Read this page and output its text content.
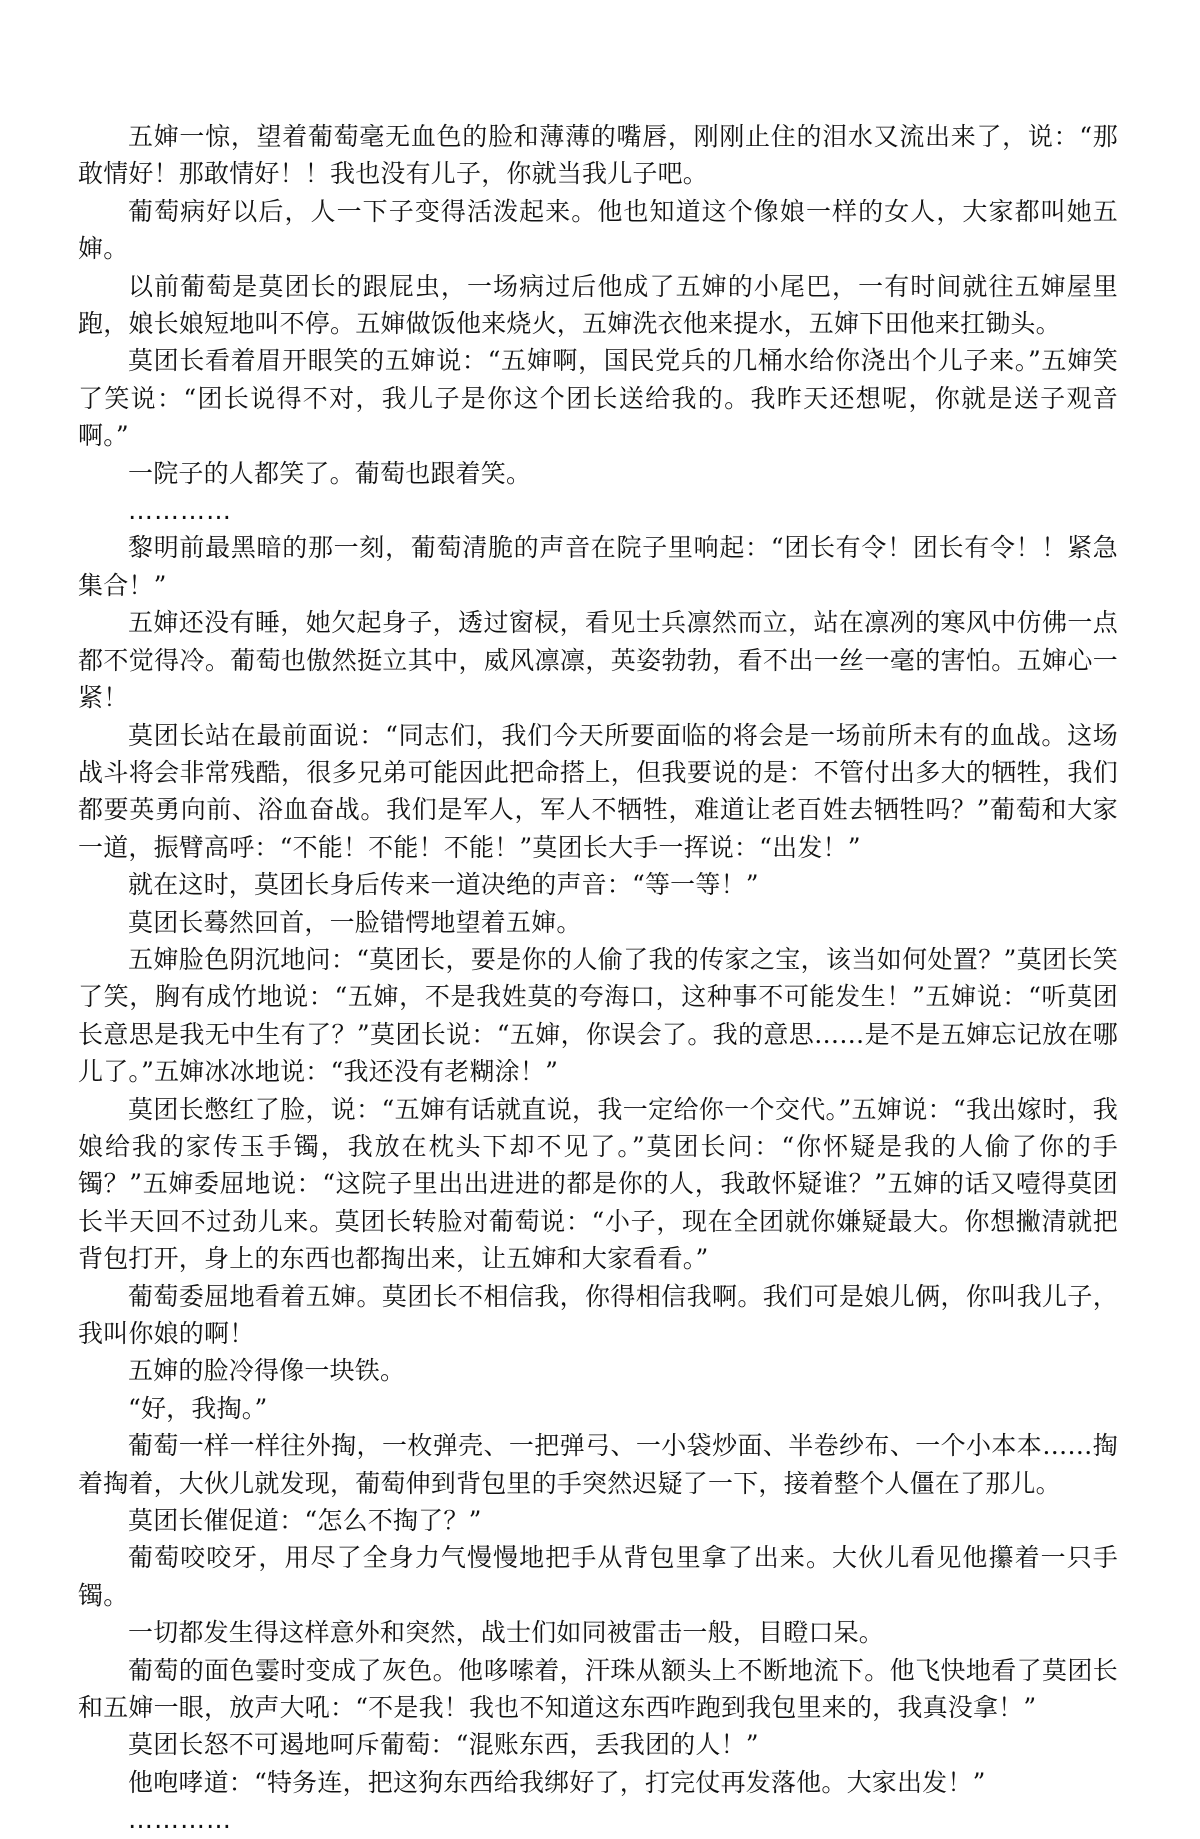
五婶一惊，望着葡萄毫无血色的脸和薄薄的嘴唇，刚刚止住的泪水又流出来了，说：“那敢情好！那敢情好！！我也没有儿子，你就当我儿子吧。

葡萄病好以后，人一下子变得活泼起来。他也知道这个像娘一样的女人，大家都叫她五婶。

以前葡萄是莫团长的跟屁虫，一场病过后他成了五婶的小尾巴，一有时间就往五婶屋里跑，娘长娘短地叫不停。五婶做饭他来烧火，五婶洗衣他来提水，五婶下田他来扛锄头。

莫团长看着眉开眼笑的五婶说：“五婶啊，国民党兵的几桶水给你浇出个儿子来。”五婶笑了笑说：“团长说得不对，我儿子是你这个团长送给我的。我昨天还想呢，你就是送子观音啊。”

一院子的人都笑了。葡萄也跟着笑。

…………

黎明前最黑暗的那一刻，葡萄清脆的声音在院子里响起：“团长有令！团长有令！！紧急集合！”

五婶还没有睡，她欠起身子，透过窗棂，看见士兵凛然而立，站在凛冽的寒风中仿佛一点都不觉得冷。葡萄也傲然挺立其中，威风凛凛，英姿勃勃，看不出一丝一毫的害怕。五婶心一紧！

莫团长站在最前面说：“同志们，我们今天所要面临的将会是一场前所未有的血战。这场战斗将会非常残酷，很多兄弟可能因此把命搭上，但我要说的是：不管付出多大的牺牲，我们都要英勇向前、浴血奋战。我们是军人，军人不牺牲，难道让老百姓去牺牲吗？”葡萄和大家一道，振臂高呼：“不能！不能！不能！”莫团长大手一挥说：“出发！”

就在这时，莫团长身后传来一道决绝的声音：“等一等！”

莫团长蓦然回首，一脸错愕地望着五婶。

五婶脸色阴沉地问：“莫团长，要是你的人偷了我的传家之宝，该当如何处置？”莫团长笑了笑，胸有成竹地说：“五婶，不是我姓莫的夸海口，这种事不可能发生！”五婶说：“听莫团长意思是我无中生有了？”莫团长说：“五婶，你误会了。我的意思……是不是五婶忘记放在哪儿了。”五婶冰冰地说：“我还没有老糊涂！”

莫团长憋红了脸，说：“五婶有话就直说，我一定给你一个交代。”五婶说：“我出嫁时，我娘给我的家传玉手镯，我放在枕头下却不见了。”莫团长问：“你怀疑是我的人偷了你的手镯？”五婶委屈地说：“这院子里出出进进的都是你的人，我敢怀疑谁？”五婶的话又噎得莫团长半天回不过劲儿来。莫团长转脸对葡萄说：“小子，现在全团就你嫌疑最大。你想撇清就把背包打开，身上的东西也都掏出来，让五婶和大家看看。”

葡萄委屈地看着五婶。莫团长不相信我，你得相信我啊。我们可是娘儿俩，你叫我儿子，我叫你娘的啊！

五婶的脸冷得像一块铁。

“好，我掏。”

葡萄一样一样往外掏，一枚弹壳、一把弹弓、一小袋炒面、半卷纱布、一个小本本……掏着掏着，大伙儿就发现，葡萄伸到背包里的手突然迟疑了一下，接着整个人僵在了那儿。

莫团长催促道：“怎么不掏了？”

葡萄咬咬牙，用尽了全身力气慢慢地把手从背包里拿了出来。大伙儿看见他攥着一只手镯。

一切都发生得这样意外和突然，战士们如同被雷击一般，目瞪口呆。

葡萄的面色霎时变成了灰色。他哆嗦着，汗珠从额头上不断地流下。他飞快地看了莫团长和五婶一眼，放声大吼：“不是我！我也不知道这东西咋跑到我包里来的，我真没拿！”

莫团长怒不可遏地呵斥葡萄：“混账东西，丢我团的人！”

他咆哮道：“特务连，把这狗东西给我绑好了，打完仗再发落他。大家出发！”

…………
